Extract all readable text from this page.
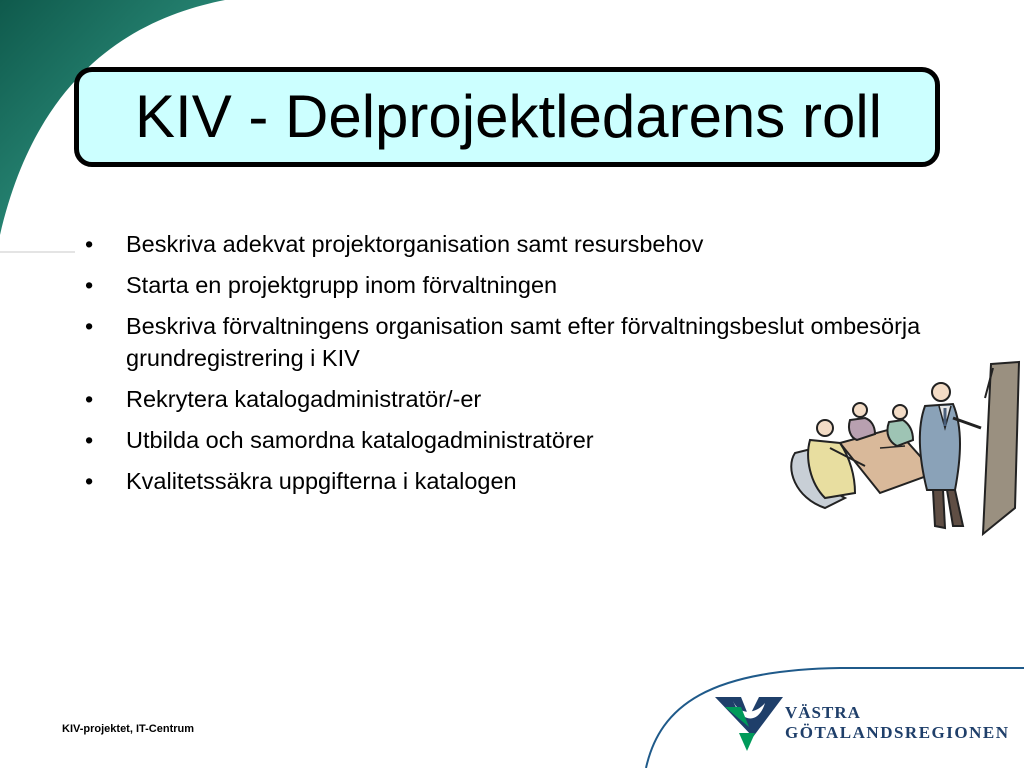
KIV - Delprojektledarens roll
• Beskriva adekvat projektorganisation samt resursbehov
• Starta en projektgrupp inom förvaltningen
• Beskriva förvaltningens organisation samt efter förvaltningsbeslut ombesörja grundregistrering i KIV
• Rekrytera katalogadministratör/-er
• Utbilda och samordna katalogadministratörer
• Kvalitetssäkra uppgifterna i katalogen
VÄSTRA
GÖTALANDSREGIONEN
KIV-projektet, IT-Centrum
